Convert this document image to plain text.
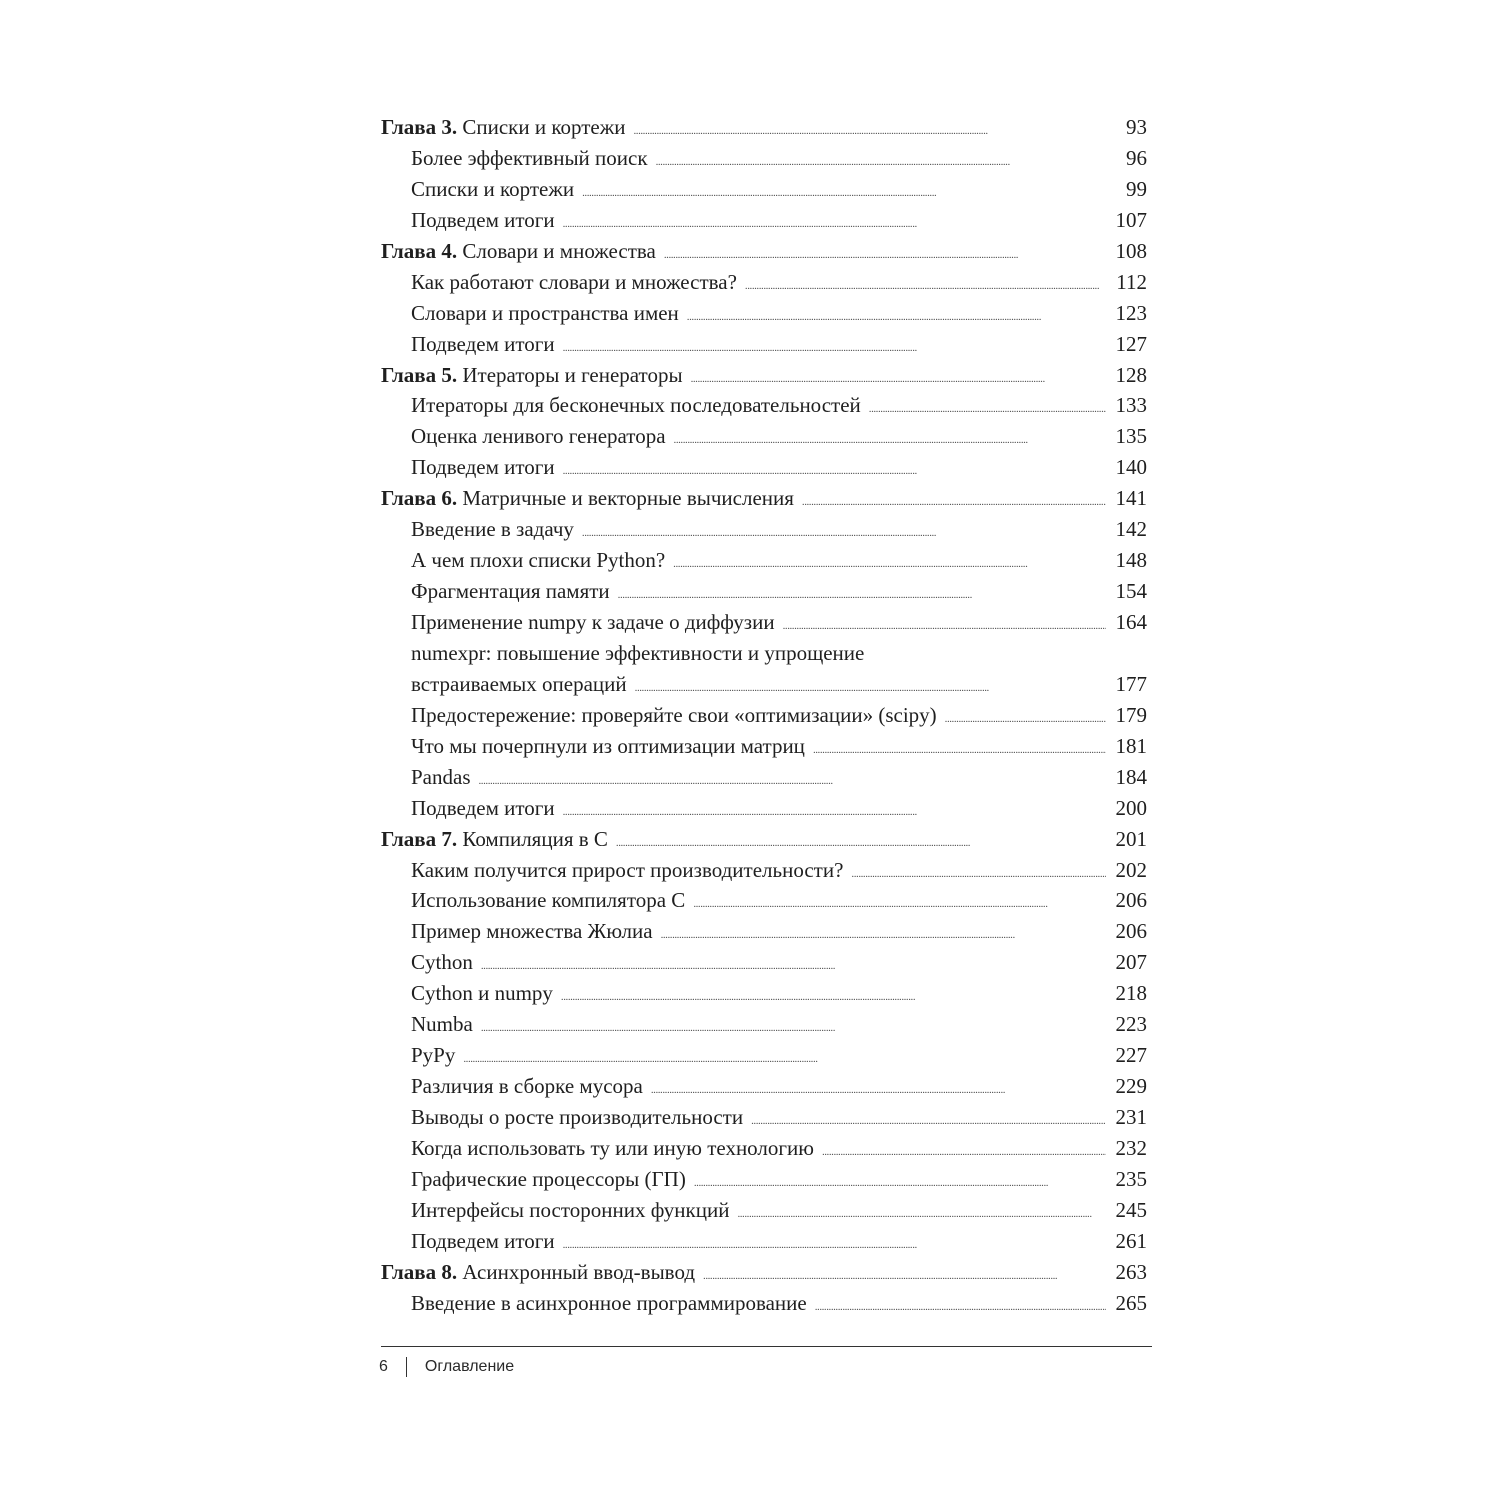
Глава 3. Списки и кортежи . . .	93
Более эффективный поиск . . .	96
Списки и кортежи . . .	99
Подведем итоги . . .	107
Глава 4. Словари и множества . . .	108
Как работают словари и множества? . . .	112
Словари и пространства имен . . .	123
Подведем итоги . . .	127
Глава 5. Итераторы и генераторы . . .	128
Итераторы для бесконечных последовательностей . . .	133
Оценка ленивого генератора . . .	135
Подведем итоги . . .	140
Глава 6. Матричные и векторные вычисления . . .	141
Введение в задачу . . .	142
А чем плохи списки Python? . . .	148
Фрагментация памяти . . .	154
Применение numpy к задаче о диффузии . . .	164
numexpr: повышение эффективности и упрощение
встраиваемых операций . . .	177
Предостережение: проверяйте свои «оптимизации» (scipy) . . .	179
Что мы почерпнули из оптимизации матриц . . .	181
Pandas . . .	184
Подведем итоги . . .	200
Глава 7. Компиляция в C . . .	201
Каким получится прирост производительности? . . .	202
Использование компилятора C . . .	206
Пример множества Жюлиа . . .	206
Cython . . .	207
Cython и numpy . . .	218
Numba . . .	223
PyPy . . .	227
Различия в сборке мусора . . .	229
Выводы о росте производительности . . .	231
Когда использовать ту или иную технологию . . .	232
Графические процессоры (ГП) . . .	235
Интерфейсы посторонних функций . . .	245
Подведем итоги . . .	261
Глава 8. Асинхронный ввод-вывод . . .	263
Введение в асинхронное программирование . . .	265
6 Оглавление
